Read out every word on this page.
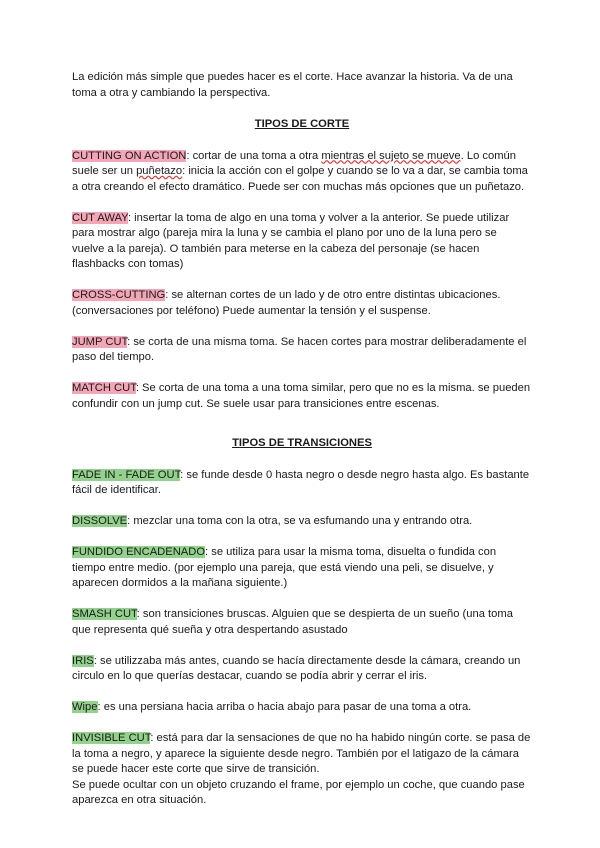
La edición más simple que puedes hacer es el corte. Hace avanzar la historia. Va de una toma a otra y cambiando la perspectiva.

TIPOS DE CORTE

CUTTING ON ACTION: cortar de una toma a otra mientras el sujeto se mueve. Lo común suele ser un puñetazo: inicia la acción con el golpe y cuando se lo va a dar, se cambia toma a otra creando el efecto dramático. Puede ser con muchas más opciones que un puñetazo.

CUT AWAY: insertar la toma de algo en una toma y volver a la anterior. Se puede utilizar para mostrar algo (pareja mira la luna y se cambia el plano por uno de la luna pero se vuelve a la pareja). O también para meterse en la cabeza del personaje (se hacen flashbacks con tomas)

CROSS-CUTTING: se alternan cortes de un lado y de otro entre distintas ubicaciones. (conversaciones por teléfono) Puede aumentar la tensión y el suspense.

JUMP CUT: se corta de una misma toma. Se hacen cortes para mostrar deliberadamente el paso del tiempo.

MATCH CUT: Se corta de una toma a una toma similar, pero que no es la misma. se pueden confundir con un jump cut. Se suele usar para transiciones entre escenas.

TIPOS DE TRANSICIONES

FADE IN - FADE OUT: se funde desde 0 hasta negro o desde negro hasta algo. Es bastante fácil de identificar.

DISSOLVE: mezclar una toma con la otra, se va esfumando una y entrando otra.

FUNDIDO ENCADENADO: se utiliza para usar la misma toma, disuelta o fundida con tiempo entre medio. (por ejemplo una pareja, que está viendo una peli, se disuelve, y aparecen dormidos a la mañana siguiente.)

SMASH CUT: son transiciones bruscas. Alguien que se despierta de un sueño (una toma que representa qué sueña y otra despertando asustado

IRIS: se utilizzaba más antes, cuando se hacía directamente desde la cámara, creando un circulo en lo que querías destacar, cuando se podía abrir y cerrar el iris.

Wipe: es una persiana hacia arriba o hacia abajo para pasar de una toma a otra.

INVISIBLE CUT: está para dar la sensaciones de que no ha habido ningún corte. se pasa de la toma a negro, y aparece la siguiente desde negro. También por el latigazo de la cámara se puede hacer este corte que sirve de transición.

Se puede ocultar con un objeto cruzando el frame, por ejemplo un coche, que cuando pase aparezca en otra situación.
